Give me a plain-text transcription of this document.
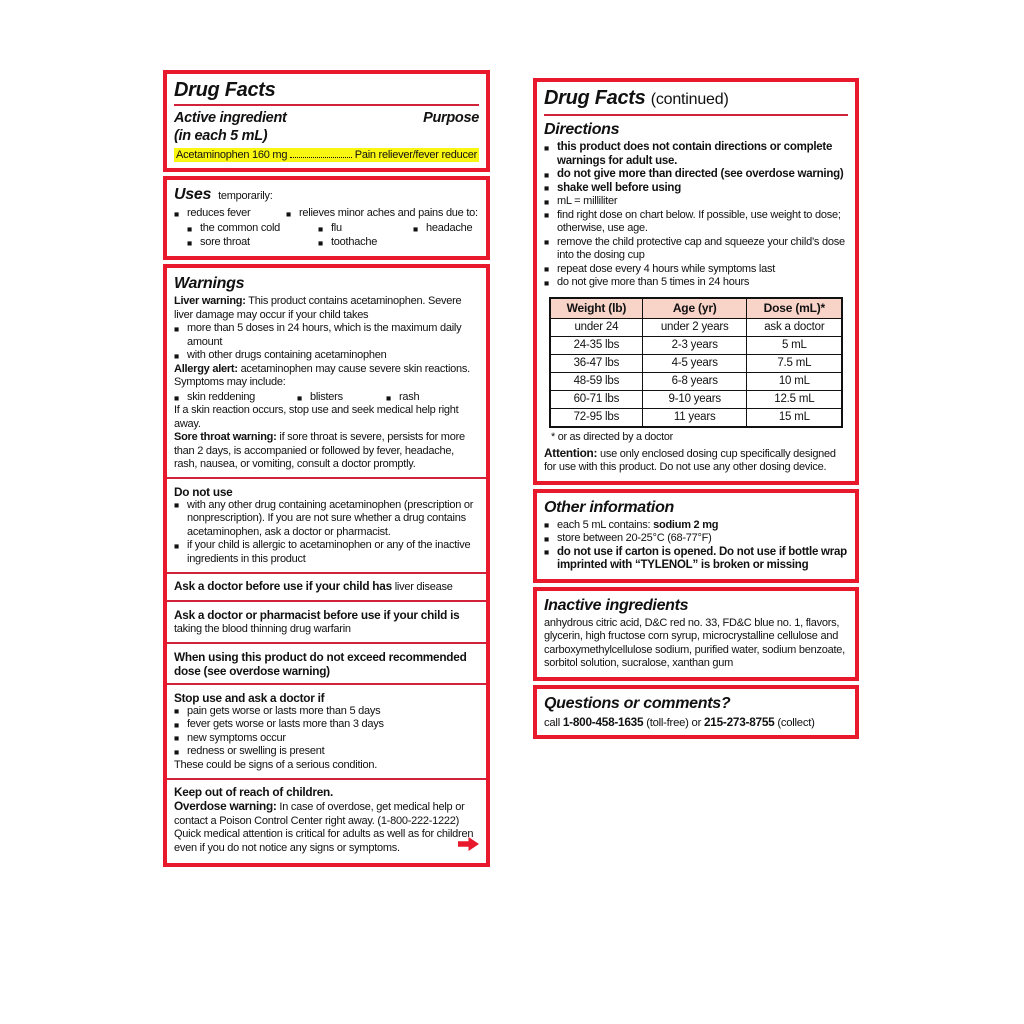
Drug Facts
Active ingredient
(in each 5 mL)
Purpose
Acetaminophen 160 mg	Pain reliever/fever reducer
Uses temporarily:
■ reduces fever	■ relieves minor aches and pains due to:
■ the common cold	■ flu	■ headache
■ sore throat	■ toothache
Warnings

Liver warning: This product contains acetaminophen. Severe liver damage may occur if your child takes

■ more than 5 doses in 24 hours, which is the maximum daily amount
■ with other drugs containing acetaminophen

Allergy alert: acetaminophen may cause severe skin reactions. Symptoms may include:

■ skin reddening	■ blisters	■ rash

If a skin reaction occurs, stop use and seek medical help right away.

Sore throat warning: if sore throat is severe, persists for more than 2 days, is accompanied or followed by fever, headache, rash, nausea, or vomiting, consult a doctor promptly.

Do not use

■ with any other drug containing acetaminophen (prescription or nonprescription). If you are not sure whether a drug contains acetaminophen, ask a doctor or pharmacist.
■ if your child is allergic to acetaminophen or any of the inactive ingredients in this product

Ask a doctor before use if your child has liver disease

Ask a doctor or pharmacist before use if your child is taking the blood thinning drug warfarin

When using this product do not exceed recommended dose (see overdose warning)

Stop use and ask a doctor if

■ pain gets worse or lasts more than 5 days
■ fever gets worse or lasts more than 3 days
■ new symptoms occur
■ redness or swelling is present

These could be signs of a serious condition.

Keep out of reach of children.

Overdose warning: In case of overdose, get medical help or contact a Poison Control Center right away. (1-800-222-1222) Quick medical attention is critical for adults as well as for children even if you do not notice any signs or symptoms.

Drug Facts (continued)
Directions
■ this product does not contain directions or complete warnings for adult use.
■ do not give more than directed (see overdose warning)
■ shake well before using
■ mL = milliliter
■ find right dose on chart below. If possible, use weight to dose; otherwise, use age.
■ remove the child protective cap and squeeze your child’s dose into the dosing cup
■ repeat dose every 4 hours while symptoms last
■ do not give more than 5 times in 24 hours
Weight (lb)	Age (yr)	Dose (mL)*
under 24	under 2 years	ask a doctor
24-35 lbs	2-3 years	5 mL
36-47 lbs	4-5 years	7.5 mL
48-59 lbs	6-8 years	10 mL
60-71 lbs	9-10 years	12.5 mL
72-95 lbs	11 years	15 mL

* or as directed by a doctor

Attention: use only enclosed dosing cup specifically designed for use with this product. Do not use any other dosing device.

Other information
■ each 5 mL contains: sodium 2 mg
■ store between 20-25°C (68-77°F)
■ do not use if carton is opened. Do not use if bottle wrap imprinted with “TYLENOL” is broken or missing
Inactive ingredients

anhydrous citric acid, D&C red no. 33, FD&C blue no. 1, flavors, glycerin, high fructose corn syrup, microcrystalline cellulose and carboxymethylcellulose sodium, purified water, sodium benzoate, sorbitol solution, sucralose, xanthan gum

Questions or comments?

call 1-800-458-1635 (toll-free) or 215-273-8755 (collect)
